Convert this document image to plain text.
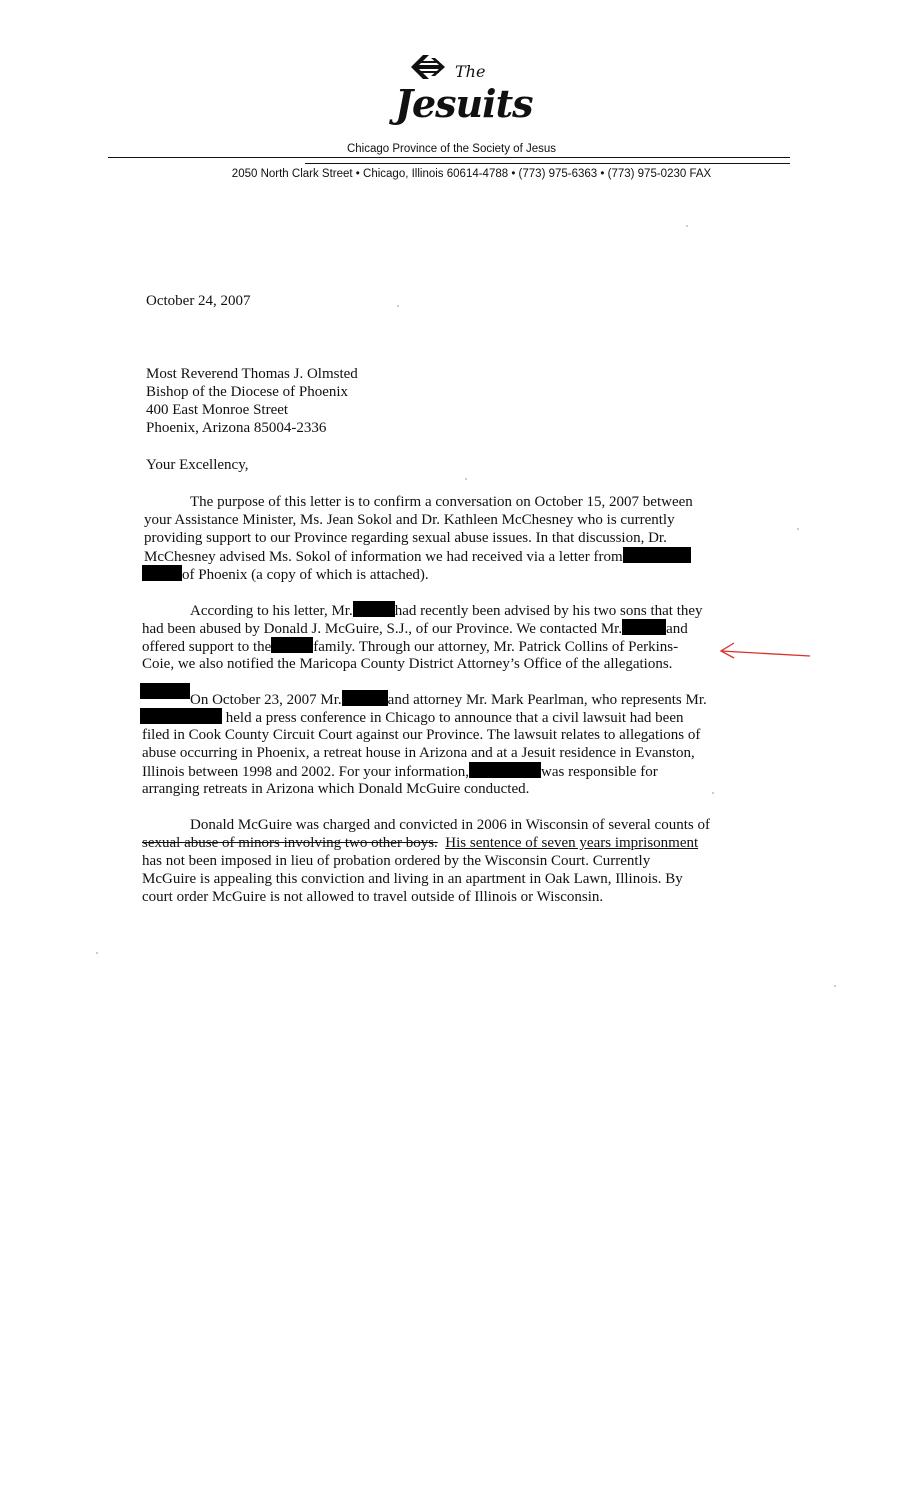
The
Jesuits
Chicago Province of the Society of Jesus
2050 North Clark Street • Chicago, Illinois 60614-4788 • (773) 975-6363 • (773) 975-0230 FAX
October 24, 2007
Most Reverend Thomas J. Olmsted
Bishop of the Diocese of Phoenix
400 East Monroe Street
Phoenix, Arizona 85004-2336
Your Excellency,
The purpose of this letter is to confirm a conversation on October 15, 2007 between
your Assistance Minister, Ms. Jean Sokol and Dr. Kathleen McChesney who is currently
providing support to our Province regarding sexual abuse issues. In that discussion, Dr.
McChesney advised Ms. Sokol of information we had received via a letter from
of Phoenix (a copy of which is attached).
According to his letter, Mr.	had recently been advised by his two sons that they
had been abused by Donald J. McGuire, S.J., of our Province. We contacted Mr.	and
offered support to the	family. Through our attorney, Mr. Patrick Collins of Perkins-
Coie, we also notified the Maricopa County District Attorney’s Office of the allegations.
On October 23, 2007 Mr.	and attorney Mr. Mark Pearlman, who represents Mr.
held a press conference in Chicago to announce that a civil lawsuit had been
filed in Cook County Circuit Court against our Province. The lawsuit relates to allegations of
abuse occurring in Phoenix, a retreat house in Arizona and at a Jesuit residence in Evanston,
Illinois between 1998 and 2002. For your information,	was responsible for
arranging retreats in Arizona which Donald McGuire conducted.
Donald McGuire was charged and convicted in 2006 in Wisconsin of several counts of
sexual abuse of minors involving two other boys. His sentence of seven years imprisonment
has not been imposed in lieu of probation ordered by the Wisconsin Court. Currently
McGuire is appealing this conviction and living in an apartment in Oak Lawn, Illinois. By
court order McGuire is not allowed to travel outside of Illinois or Wisconsin.
